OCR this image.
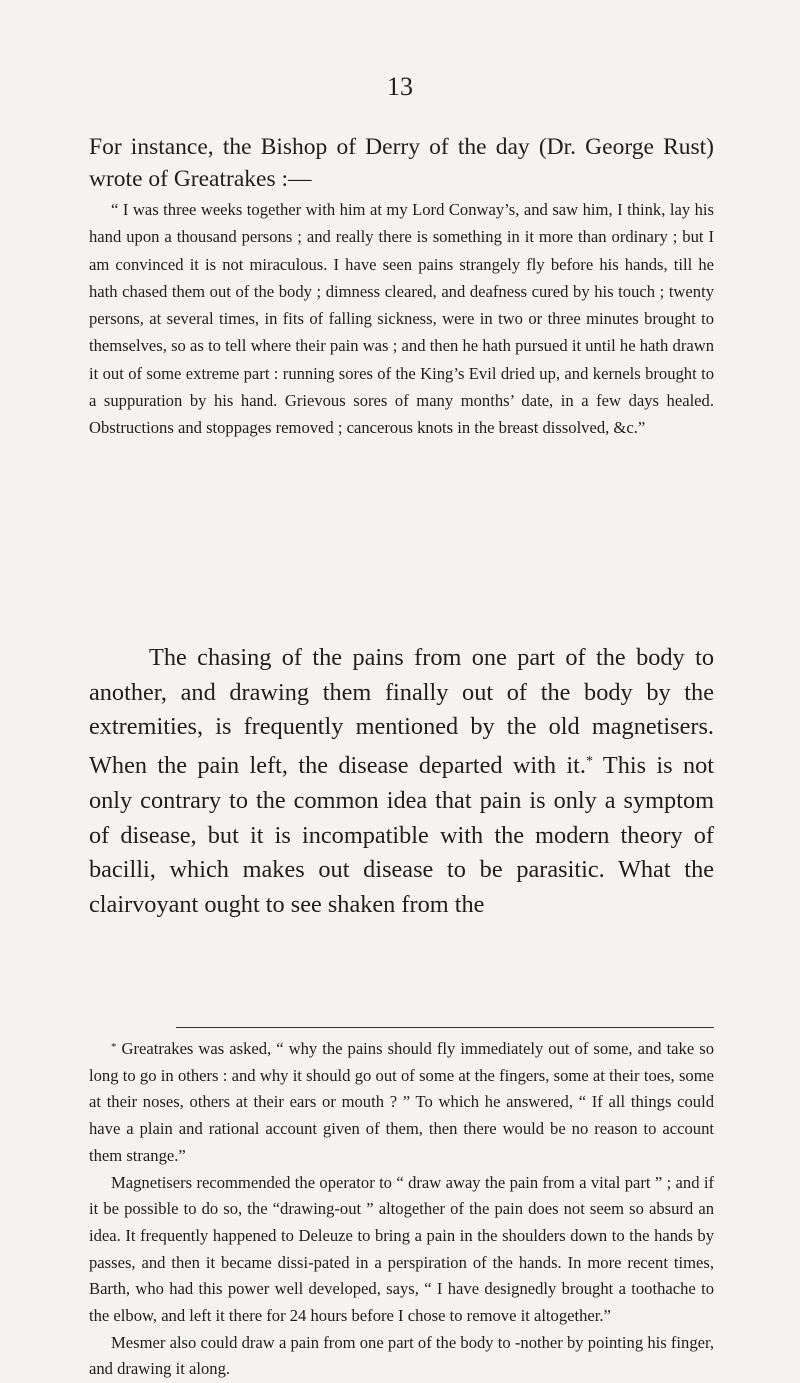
13
For instance, the Bishop of Derry of the day (Dr. George Rust) wrote of Greatrakes :—
“ I was three weeks together with him at my Lord Conway’s, and saw him, I think, lay his hand upon a thousand persons ; and really there is something in it more than ordinary ; but I am convinced it is not miraculous. I have seen pains strangely fly before his hands, till he hath chased them out of the body ; dimness cleared, and deafness cured by his touch ; twenty persons, at several times, in fits of falling sickness, were in two or three minutes brought to themselves, so as to tell where their pain was ; and then he hath pursued it until he hath drawn it out of some extreme part : running sores of the King’s Evil dried up, and kernels brought to a suppuration by his hand. Grievous sores of many months’ date, in a few days healed. Obstructions and stoppages removed ; cancerous knots in the breast dissolved, &c.”
The chasing of the pains from one part of the body to another, and drawing them finally out of the body by the extremities, is frequently mentioned by the old magnetisers. When the pain left, the disease departed with it.* This is not only contrary to the common idea that pain is only a symptom of disease, but it is incompatible with the modern theory of bacilli, which makes out disease to be parasitic. What the clairvoyant ought to see shaken from the

* Greatrakes was asked, “ why the pains should fly immediately out of some, and take so long to go in others : and why it should go out of some at the fingers, some at their toes, some at their noses, others at their ears or mouth ? ” To which he answered, “ If all things could have a plain and rational account given of them, then there would be no reason to account them strange.”

Magnetisers recommended the operator to “ draw away the pain from a vital part ” ; and if it be possible to do so, the “drawing-out ” altogether of the pain does not seem so absurd an idea. It frequently happened to Deleuze to bring a pain in the shoulders down to the hands by passes, and then it became dissi-pated in a perspiration of the hands. In more recent times, Barth, who had this power well developed, says, “ I have designedly brought a toothache to the elbow, and left it there for 24 hours before I chose to remove it altogether.”

Mesmer also could draw a pain from one part of the body to -nother by pointing his finger, and drawing it along.
